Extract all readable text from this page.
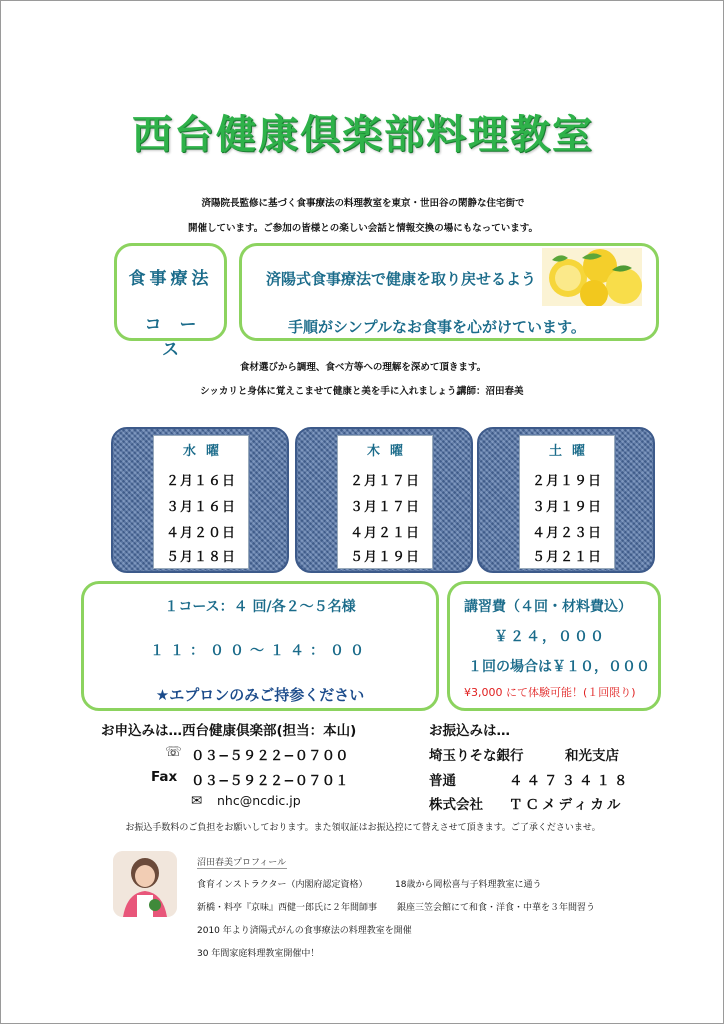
西台健康倶楽部料理教室
済陽院長監修に基づく食事療法の料理教室を東京・世田谷の閑静な住宅街で
開催しています。ご参加の皆様との楽しい会話と情報交換の場にもなっています。
食事療法
コース
済陽式食事療法で健康を取り戻せるよう
手順がシンプルなお食事を心がけています。
食材選びから調理、食べ方等への理解を深めて頂きます。
シッカリと身体に覚えこませて健康と美を手に入れましょう。
講師：沼田春美
水曜
２月１６日
３月１６日
４月２０日
５月１８日
木曜
２月１７日
３月１７日
４月２１日
５月１９日
土曜
２月１９日
３月１９日
４月２３日
５月２１日
１コース：４ 回/各２～５名様
１１：００～１４：００
★エプロンのみご持参ください
講習費（４回・材料費込）
￥２４，０００
１回の場合は￥１０，０００
¥3,000 にて体験可能！(１回限り)
お申込みは…西台健康倶楽部(担当：本山)
☏ ０３−５９２２−０７００
Fax ０３−５９２２−０７０１
✉ nhc@ncdic.jp
お振込みは…
埼玉りそな銀行	和光支店
普通	４４７３４１８
株式会社 ＴＣメディカル
お振込手数料のご負担をお願いしております。また領収証はお振込控にて替えさせて頂きます。ご了承くださいませ。
沼田春美プロフィール
食育インストラクター（内閣府認定資格）	18歳から岡松喜与子料理教室に通う
新橋・料亭『京味』西健一郎氏に２年間師事 銀座三笠会館にて和食・洋食・中華を３年間習う
2010 年より済陽式がんの食事療法の料理教室を開催
30 年間家庭料理教室開催中！
